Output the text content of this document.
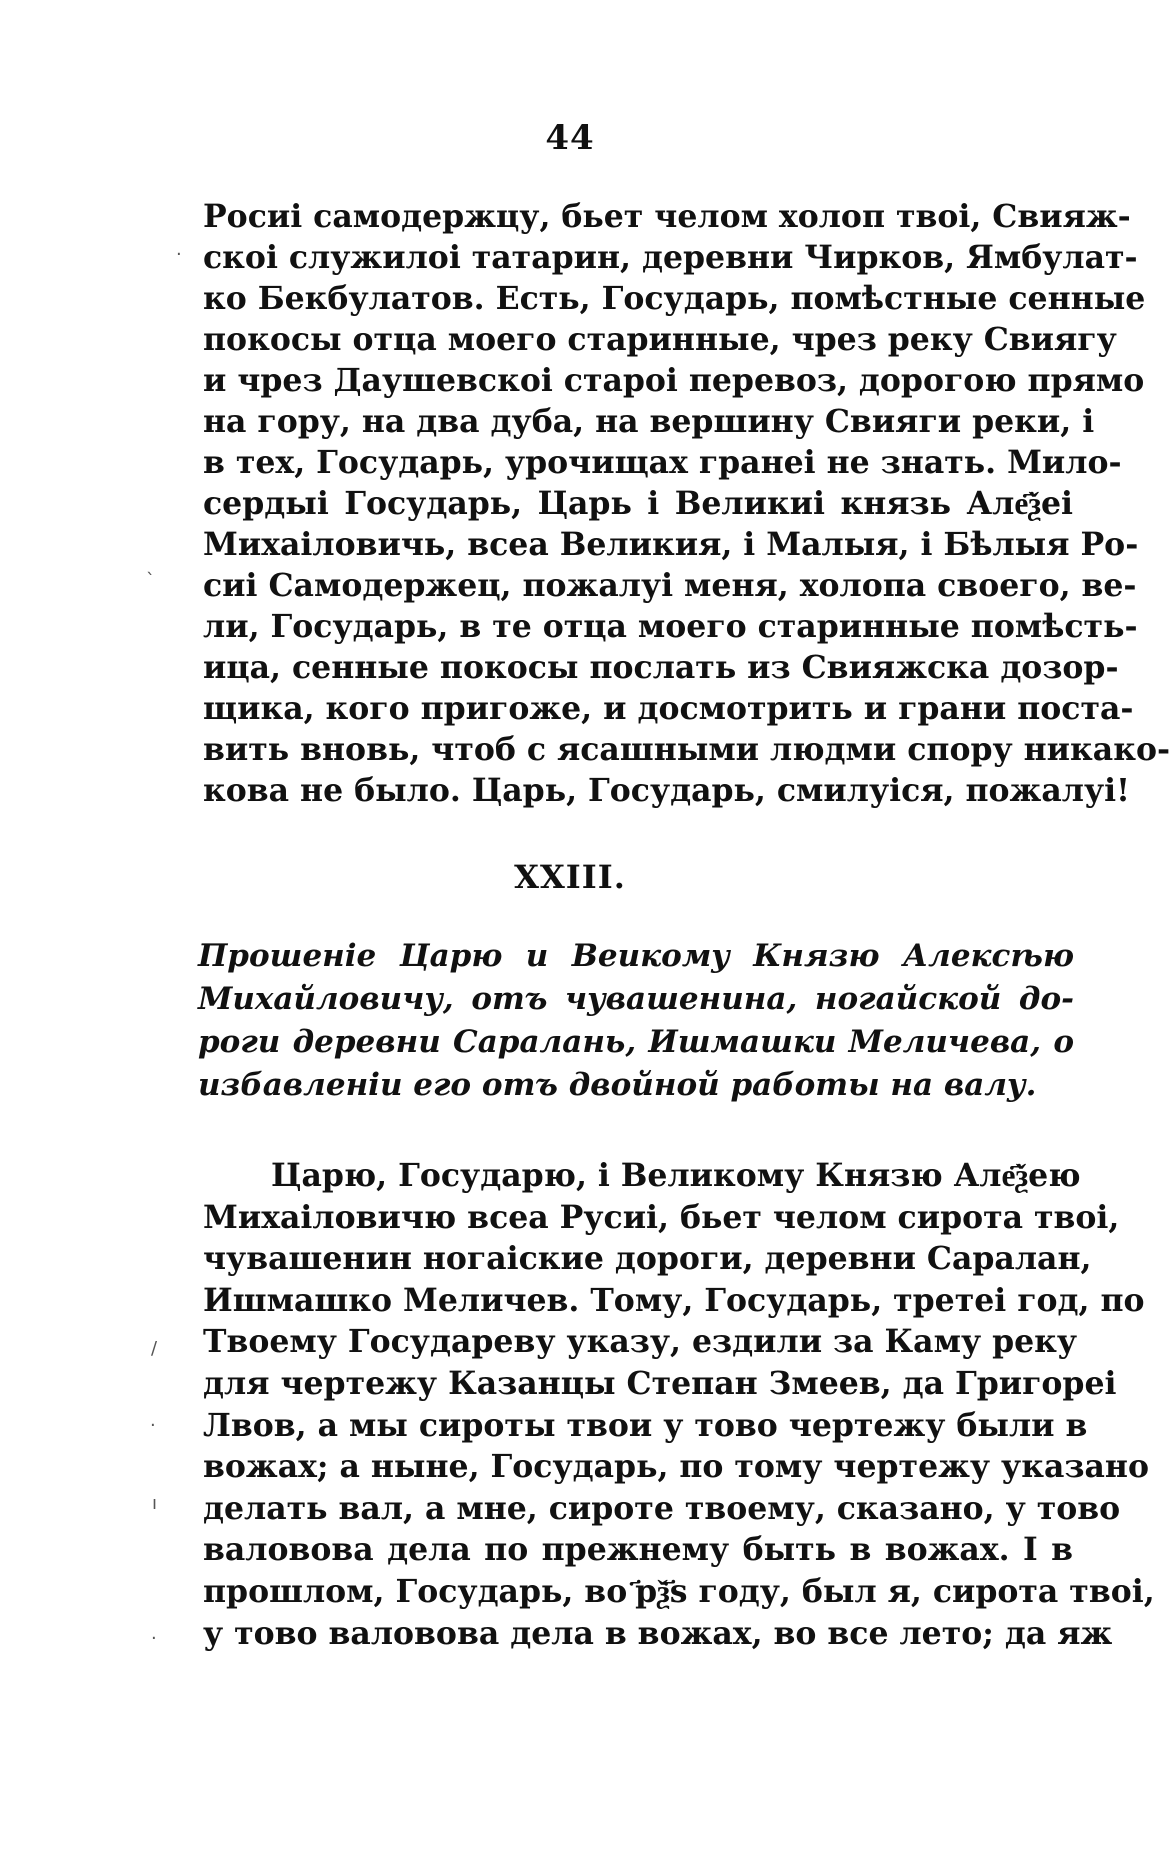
44
Росиі самодержцу, бьет челом холоп твоі, Свияж-
скоі служилоі татарин, деревни Чирков, Ямбулат-
ко Бекбулатов. Есть, Государь, помѣстные сенные
покосы отца моего старинные, чрез реку Свиягу
и чрез Даушевскоі староі перевоз, дорогою прямо
на гору, на два дуба, на вершину Свияги реки, і
в тех, Государь, урочищах гранеі не знать. Мило-
сердыі Государь, Царь і Великиі князь Але҃ѯеі
Михаіловичь, всеа Великия, і Малыя, і Бѣлыя Ро-
сиі Самодержец, пожалуі меня, холопа своего, ве-
ли, Государь, в те отца моего старинные помѣсть-
ица, сенные покосы послать из Свияжска дозор-
щика, кого пригоже, и досмотрить и грани поста-
вить вновь, чтоб с ясашными людми спору никако-
кова не было. Царь, Государь, смилуіся, пожалуі!
XXIII.
Прошеніе Царю и Веикому Князю Алексѣю
Михайловичу, отъ чувашенина, ногайской до-
роги деревни Саралань, Ишмашки Меличева, о
избавленіи его отъ двойной работы на валу.
Царю, Государю, і Великому Князю Але҃ѯею
Михаіловичю всеа Русиі, бьет челом сирота твоі,
чувашенин ногаіские дороги, деревни Саралан,
Ишмашко Меличев. Тому, Государь, третеі год, по
Твоему Государеву указу, ездили за Каму реку
для чертежу Казанцы Степан Змеев, да Григореі
Лвов, а мы сироты твои у тово чертежу были в
вожах; а ныне, Государь, по тому чертежу указано
делать вал, а мне, сироте твоему, сказано, у тово
валовова дела по прежнему быть в вожах. І в
прошлом, Государь, во ҃рѯ҃ѕ году, был я, сирота твоі,
у тово валовова дела в вожах, во все лето; да яж
·
ˋ
/
·
ı
·
